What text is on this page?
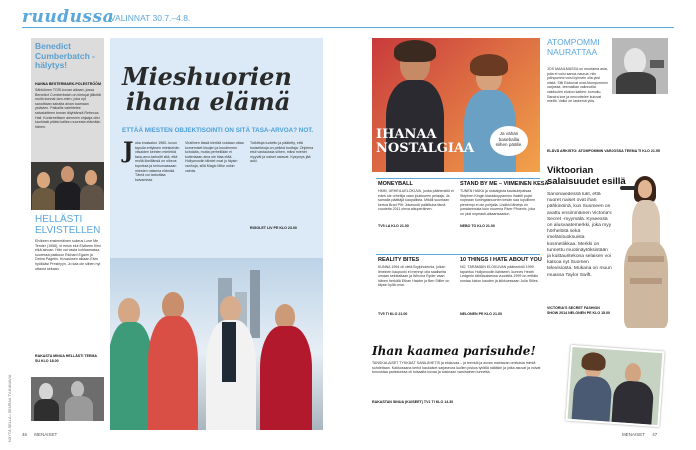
ruudussa
VALINNAT 30.7.–4.8.
Benedict Cumberbatch -hälytys!
HANNA BESTERMARK-POLESTRÖÖM
Sähköinen TOSI-kovan aikaan, jossa Benedict Cumberbatch on kietujat jälkeläi mulla konnat-tam-mien, joka nyt sanoittaan sairaita alvan toamaan ystävien. Paikallis valehtelee salvalaitteen toman äityhtänsä Rebecca Hall. Konkreettisen aiemmin ohjaaja olisi kauhiasti pitäisi kallion nuoresta elämään hänen.
HELLÄSTI ELVISTELLEN
Elvikeen ensimmäinen sukeus Love Me Tender (1956), ei ensin elut Elvikeen filmi eikä ainoan. Hän vai vasta kohlaamassa suuressa pakkoon Richard Egann ja Debra Pagetin. Kuvauksen aikaan Elvis hyökkäsi Presleyyn. Jo saa ole siihen nyt ottanut sekaan.
RAKASTA MINUA HELLÄSTI TEEMA SU KLO 18.00
NÄYTÄ SELLA • SEURAA TV-KANAVIA
Mieshuorien
ihana elämä
ETTÄÄ MIESTEN OBJEKTISOINTI ON SITÄ TASA-ARVOA? NOT.
J oka imaisatun 1960- luvun tapulla erityksen mieskehän viisaiden keinien mieletöä tasa-arvo-tarkoitti sitä, että mollä likeillänsä on oikeus topoissa ja keinumassaan miesten naisena elämää. Tämä voi tarkoittaa kaivamista.
Virallinen tässä kiertää voidaan ottaa komemiset kisojen ja kuudennen kohdalta, mutta perheillään ei kuitenkaan aina ole tilaa elää. Hollywoodin tähdet ovat jo täysin vanhoja, sillä Magic Mike onkin valmis.
Tutkittuja tuotettu ja päätetty, että tosiseikkoja on pelkkä tuottaja. Ohjelma etsii vastauksia siihen, miksi miehet myyvät ja naiset ostavat. Kysymys jää auki.
RIGOLET LIV PE KLO 23.00
IHANAA
NOSTALGIAA
Ja vähän baseballia siihen päälle.
ATOMPOMMI NAURATTAA
JOS MAAILMASSA on muutama asia, joita ei voisi sanoa naurua, niin ydinpommi voisi kyrmein olla yksi niistä. Silti Elokuvat ovat Atompommin varjossa -teemaillan valinnoilla vakiluulen elukon kaiken: komuilu, Sandra koe ja neuvottelee kuluvat mieltä. Valko on laskenut ylös.
ELÄVÄ ARKISTO: ATOMPOMMIN VARJOSSA TEEMA TI KLO 21.55
MONEYBALL
HMM, URHEILUELOKUVA, jonka päähenkilö ei edes ole urheilija vaan joukkueen pelaaja. Ja samalla päättäjä kaupallista. Mikäli suuntaan kertoa Brad Pitt: Jokavuoti palkittuba tämä vuodelta 2011 oleva alkuperäinen.
TV5 LA KLO 21.00
STAND BY ME – VIIMEINEN KESÄ
TUNEN HAIKA ja nostalgista kautsulepatsaa Stephen Kingin klassikoppanimo ihalelli pojat nopeaan kuningasnuorten kesän saa lopullinen pienempi ei ole pohjalla. Lisäksi lähetys on jumalanmuka kuin nuorena River Phoenix, joka on yksi nopeasti-aikaansaadun.
NEBO TO KLO 21.00
REALITY BITES
KUNNA 1994 oli vielä Bryjuholemia, jolloin ilmeinen kaupunki ei mennyt olla saaliselta omaan sekstaltaan ja Winona Ryder vaan hänen herkälä Ethan Hawke ja Ben Stiller on täysin kyllä oma.
TV5 TI KLO 21.00
10 THINGS I HATE ABOUT YOU
NO, TÄRÄMÄIN ELOKUVAN päähenkilö 1999 tapahtuu Hollywoodin ilahiseen, kunnes Heath Ledgerin tähtilauksessa vuodelta 1999 on erittäin nostaa lukion kauden ja kiikkuessaan Julia Stiles.
NELONEN PE KLO 21.00
Viktoorian
salaisuudet esillä
Sanonaiedessä lukt, että nuoret naiset ovat ihan pähkinöinä, kun Suomeen on avattu ensimmäinen Victoria's Secret -myymälä. Kyseessä on alusvaatemerkki, joka myy hörhelöitä sekä imelänituoksuista kosmetiikkaa. Merkki on tunnettu muotinäytöksistään ja kuittauritekona selaisen voi katsoa nyt Suomen televisiosta. Mukana on muun muassa Taylor Swift.
VICTORIA'S SECRET FASHION SHOW 2014 NELONEN PE KLO 15.00
Ihan kaamea parisuhde!
TANSKALAISET TYKKÄÄT SANILÄHETIS ja elokuvaa – ja teevkäl ja avvan mahtavan omituisia mimiä suhdettaan. Kakkossana kertoi kaukaiset sarjaseura luullen joskus tytöillä näitäkin ja jotka asuvat ja voivat tunnustaa pariskuntaa oli toisaalta kovaa ja toisinaan varsinainen tunnetta.
RAKASTAN SINUA (KUISEET) TV1 TI KLO 14.30
46 MENAISET	MENAISET 47
